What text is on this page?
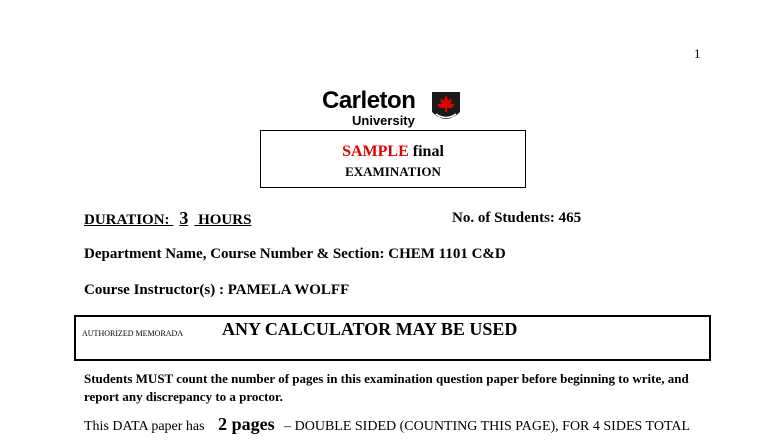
1
Carleton
University
SAMPLE final
EXAMINATION
DURATION: 3 HOURS	No. of Students: 465
Department Name, Course Number & Section: CHEM 1101 C&D
Course Instructor(s) : PAMELA WOLFF
AUTHORIZED MEMORADA ANY CALCULATOR MAY BE USED
Students MUST count the number of pages in this examination question paper before beginning to write, and report any discrepancy to a proctor.
This DATA paper has 2 pages – DOUBLE SIDED (COUNTING THIS PAGE), FOR 4 SIDES TOTAL
